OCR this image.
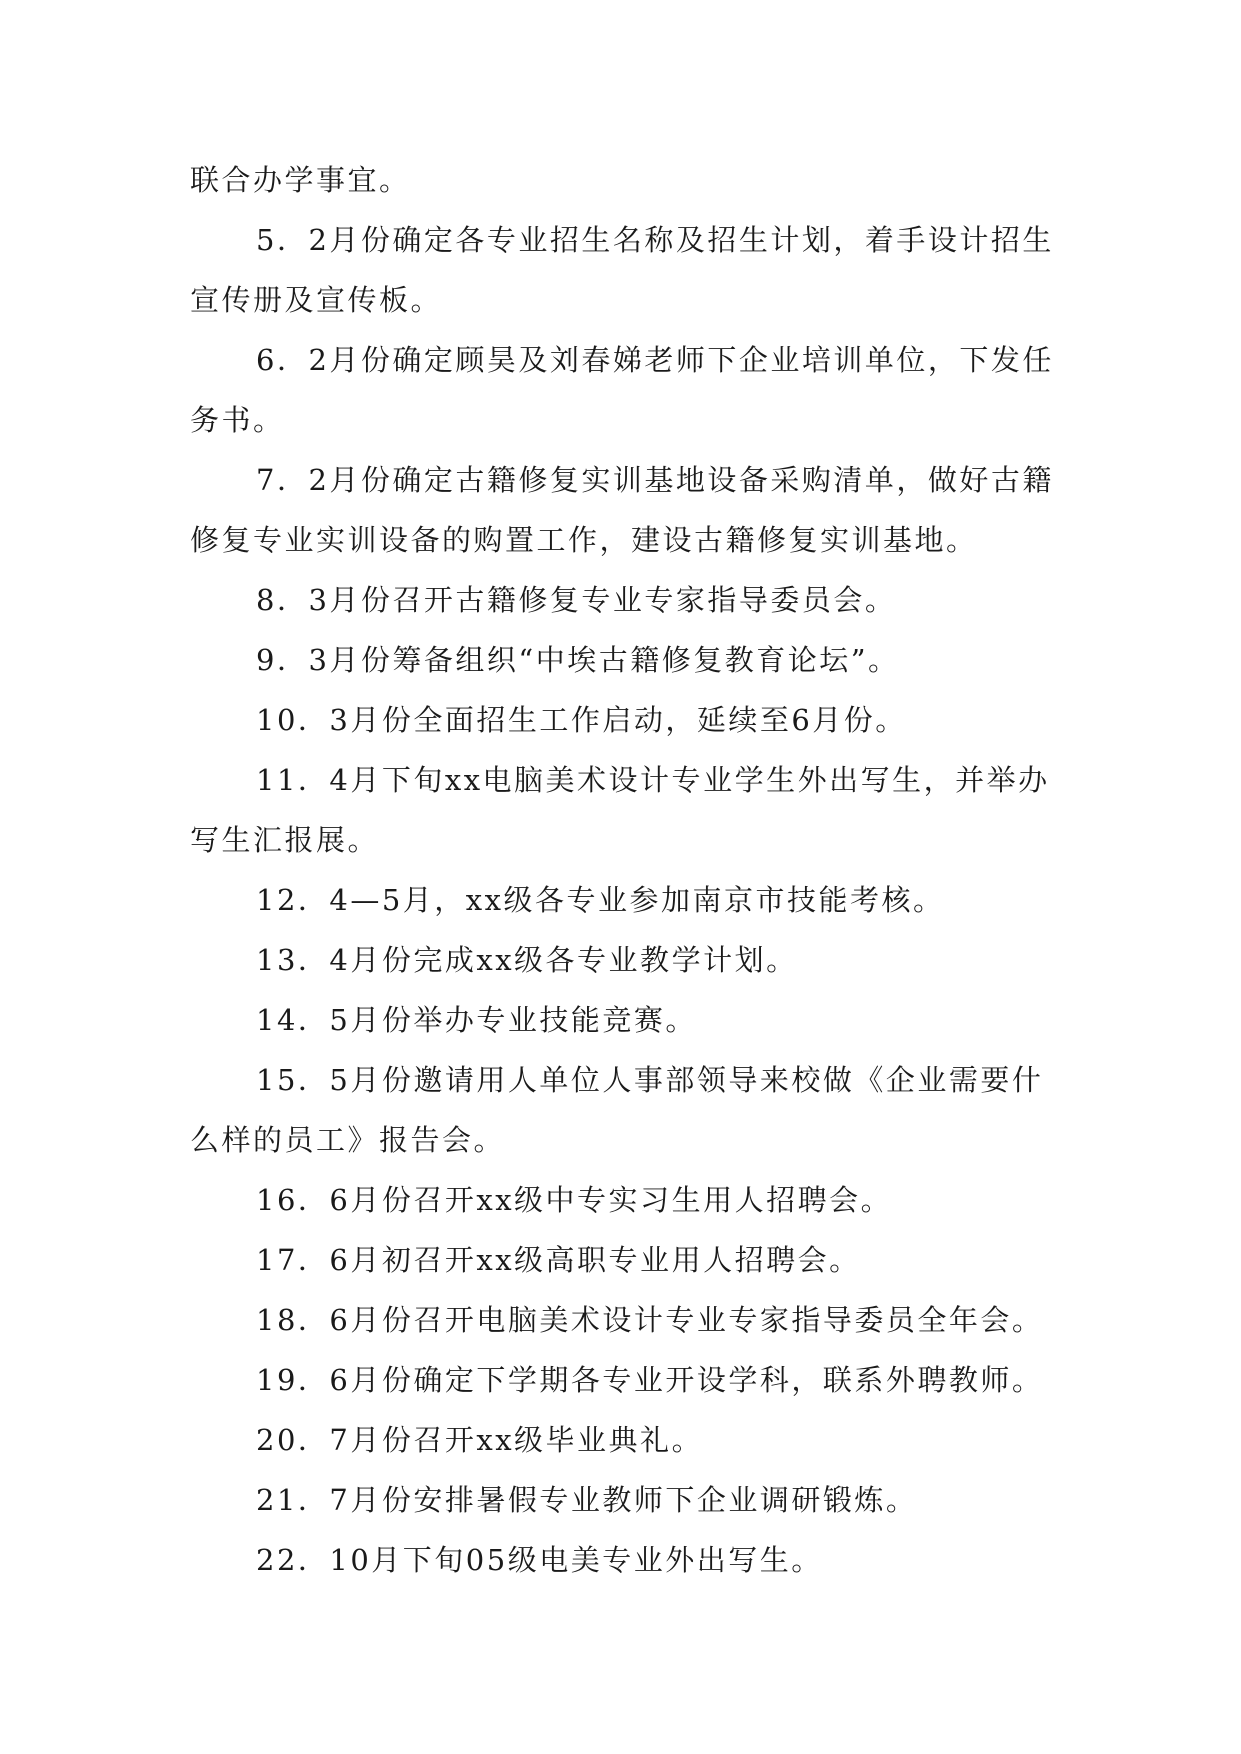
联合办学事宜。

5．2月份确定各专业招生名称及招生计划，着手设计招生宣传册及宣传板。

6．2月份确定顾昊及刘春娣老师下企业培训单位，下发任务书。

7．2月份确定古籍修复实训基地设备采购清单，做好古籍修复专业实训设备的购置工作，建设古籍修复实训基地。

8．3月份召开古籍修复专业专家指导委员会。

9．3月份筹备组织“中埃古籍修复教育论坛”。

10．3月份全面招生工作启动，延续至6月份。

11．4月下旬xx电脑美术设计专业学生外出写生，并举办写生汇报展。

12．4—5月，xx级各专业参加南京市技能考核。

13．4月份完成xx级各专业教学计划。

14．5月份举办专业技能竞赛。

15．5月份邀请用人单位人事部领导来校做《企业需要什么样的员工》报告会。

16．6月份召开xx级中专实习生用人招聘会。

17．6月初召开xx级高职专业用人招聘会。

18．6月份召开电脑美术设计专业专家指导委员全年会。

19．6月份确定下学期各专业开设学科，联系外聘教师。

20．7月份召开xx级毕业典礼。

21．7月份安排暑假专业教师下企业调研锻炼。

22．10月下旬05级电美专业外出写生。
